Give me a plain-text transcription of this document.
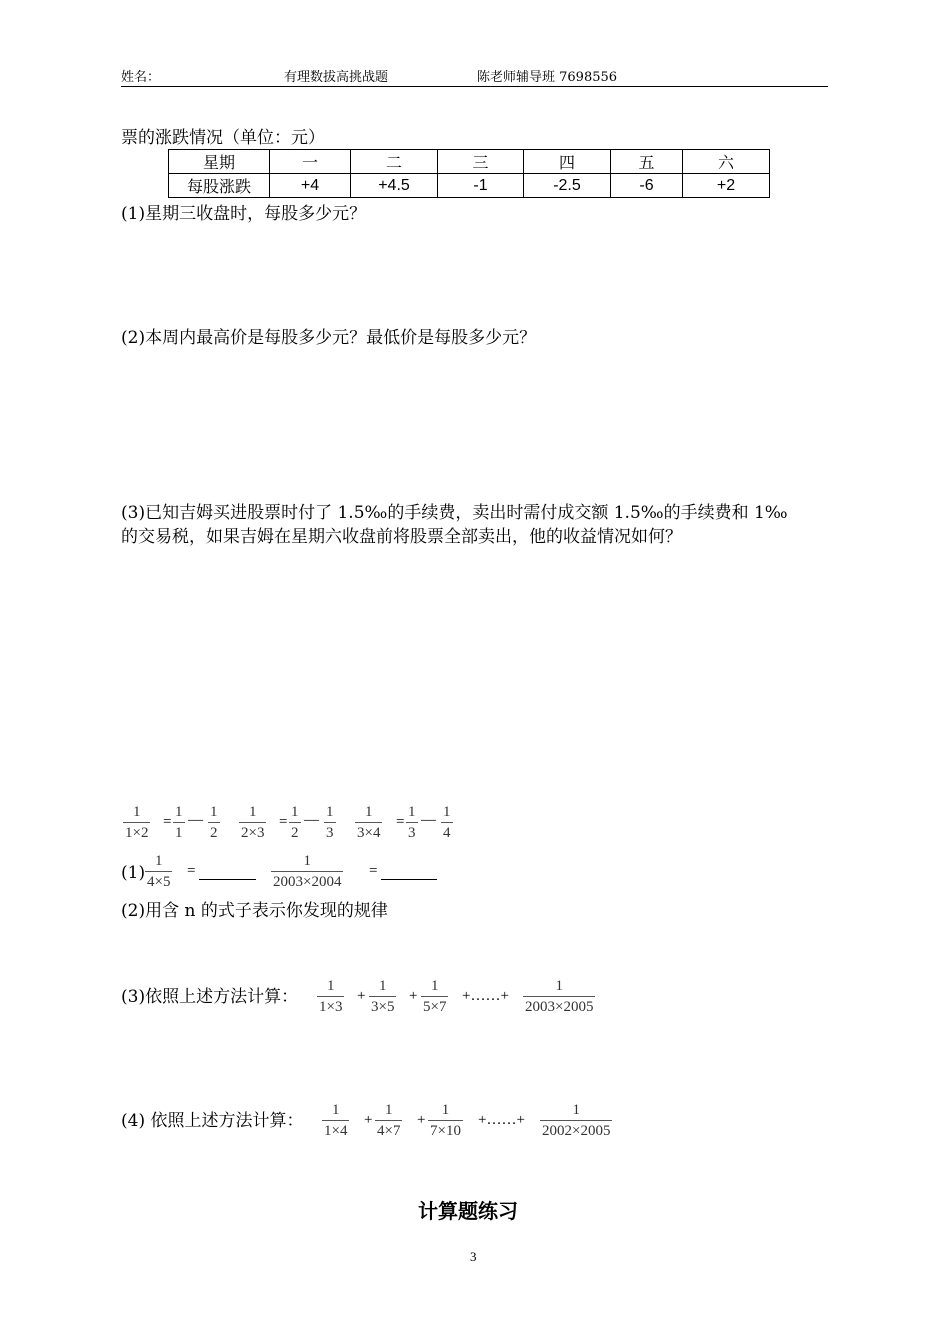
姓名：	有理数拔高挑战题	陈老师辅导班 7698556
票的涨跌情况（单位：元）
星期	一	二	三	四	五	六
每股涨跌	+4	+4.5	-1	-2.5	-6	+2
(1)星期三收盘时，每股多少元？
(2)本周内最高价是每股多少元？最低价是每股多少元？
(3)已知吉姆买进股票时付了 1.5‰的手续费，卖出时需付成交额 1.5‰的手续费和 1‰
的交易税，如果吉姆在星期六收盘前将股票全部卖出，他的收益情况如何？
1
1×2
=
1
1
— 1
2
1
2×3
=
1
2
— 1
3
1
3×4
=
1
3
— 1
4
(1)
1
4×5
=
1
2003×2004
=
(2)用含 n 的式子表示你发现的规律
(3)依照上述方法计算：
1
1×3
+
1
3×5
+
1
5×7
+……+
1
2003×2005
(4) 依照上述方法计算：
1
1×4
+
1
4×7
+
1
7×10
+……+
1
2002×2005
计算题练习
3
